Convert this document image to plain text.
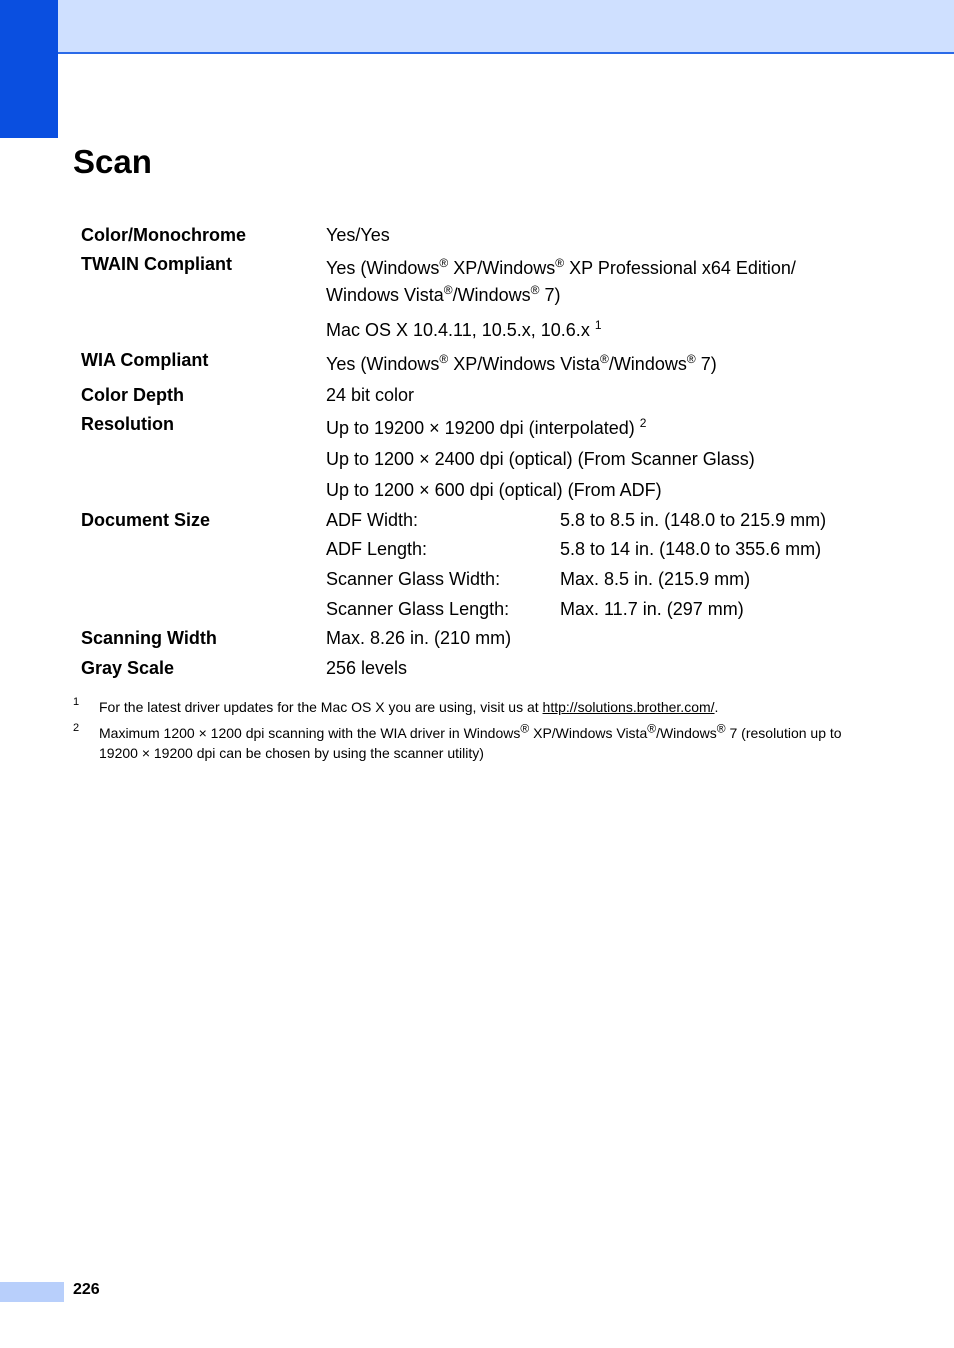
Scan
Color/Monochrome	Yes/Yes
TWAIN Compliant	Yes (Windows® XP/Windows® XP Professional x64 Edition/
Windows Vista®/Windows® 7)
Mac OS X 10.4.11, 10.5.x, 10.6.x $^1$
WIA Compliant	Yes (Windows® XP/Windows Vista®/Windows® 7)
Color Depth	24 bit color
Resolution	Up to 19200 × 19200 dpi (interpolated) $^2$
Up to 1200 × 2400 dpi (optical) (From Scanner Glass)
Up to 1200 × 600 dpi (optical) (From ADF)
Document Size	ADF Width:	5.8 to 8.5 in. (148.0 to 215.9 mm)
ADF Length:	5.8 to 14 in. (148.0 to 355.6 mm)
Scanner Glass Width:	Max. 8.5 in. (215.9 mm)
Scanner Glass Length:	Max. 11.7 in. (297 mm)
Scanning Width	Max. 8.26 in. (210 mm)
Gray Scale	256 levels
1 For the latest driver updates for the Mac OS X you are using, visit us at http://solutions.brother.com/.
2 Maximum 1200 × 1200 dpi scanning with the WIA driver in Windows® XP/Windows Vista®/Windows® 7 (resolution up to 19200 × 19200 dpi can be chosen by using the scanner utility)
226
